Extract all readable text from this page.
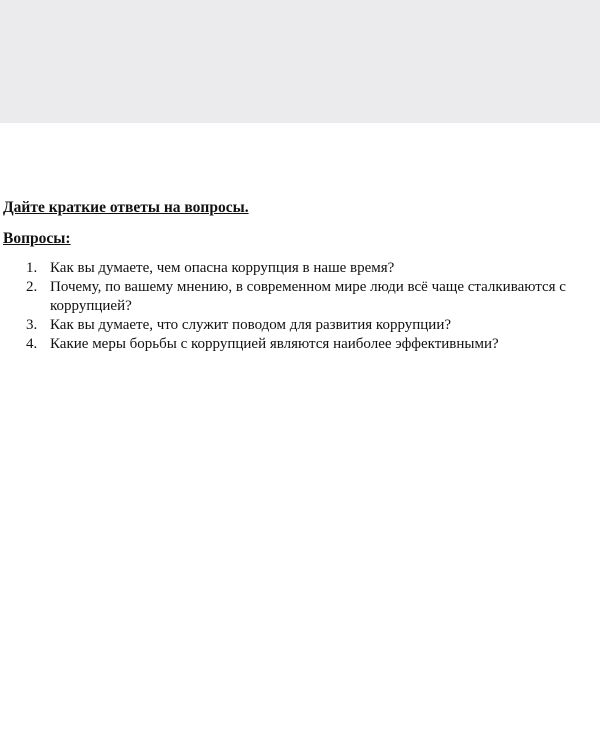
Дайте краткие ответы на вопросы.
Вопросы:
1. Как вы думаете, чем опасна коррупция в наше время?
2. Почему, по вашему мнению, в современном мире люди всё чаще сталкиваются с коррупцией?
3. Как вы думаете, что служит поводом для развития коррупции?
4. Какие меры борьбы с коррупцией являются наиболее эффективными?
